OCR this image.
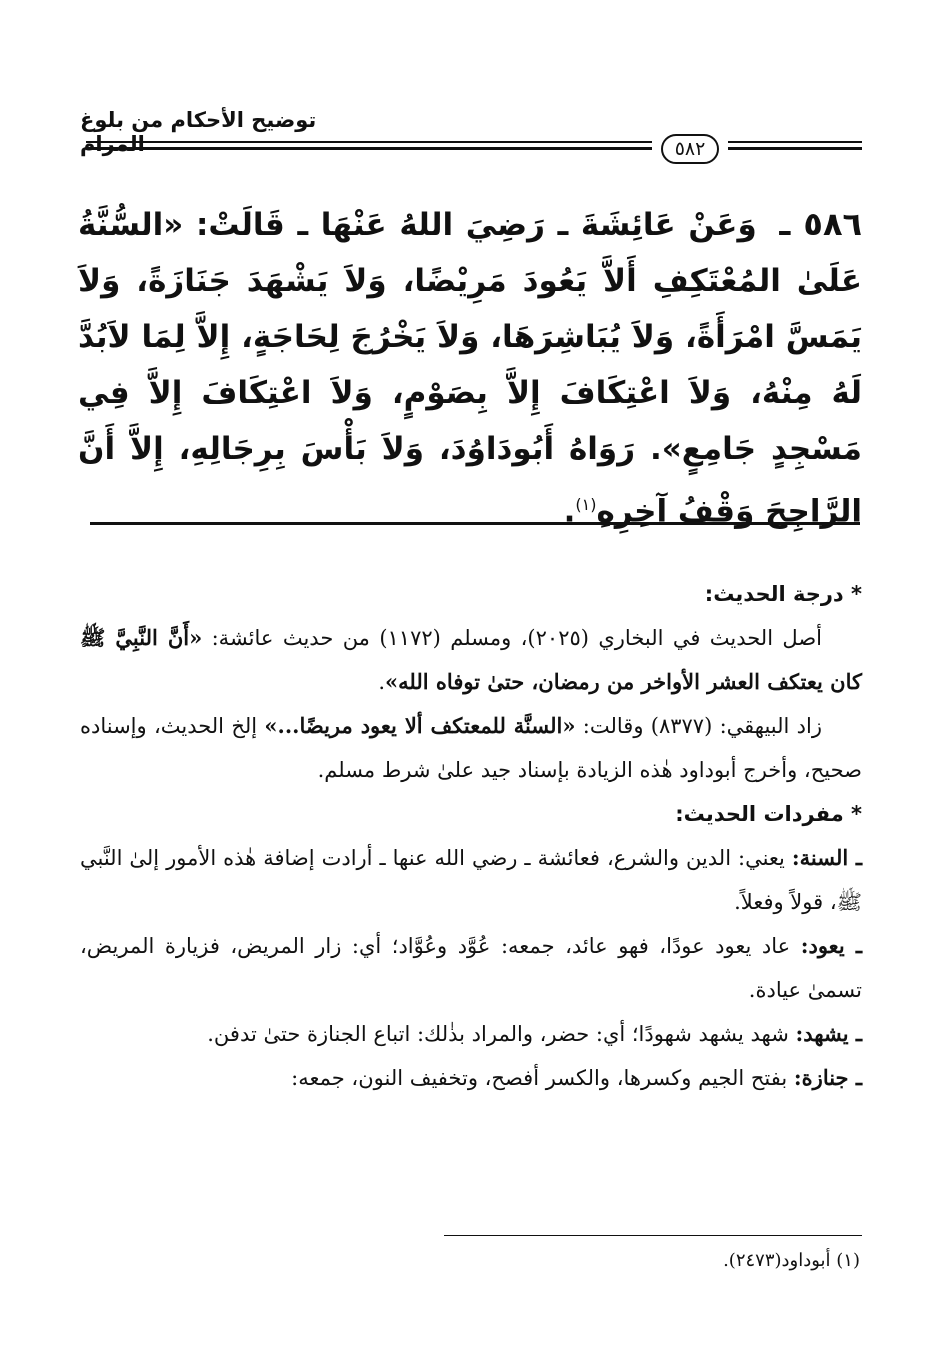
توضيح الأحكام من بلوغ المرام	٥٨٢
٥٨٦ ـ وَعَنْ عَائِشَةَ ـ رَضِيَ اللهُ عَنْهَا ـ قَالَتْ: «السُّنَّةُ عَلَىٰ المُعْتَكِفِ أَلاَّ يَعُودَ مَرِيْضًا، وَلاَ يَشْهَدَ جَنَازَةً، وَلاَ يَمَسَّ امْرَأَةً، وَلاَ يُبَاشِرَهَا، وَلاَ يَخْرُجَ لِحَاجَةٍ، إِلاَّ لِمَا لاَبُدَّ لَهُ مِنْهُ، وَلاَ اعْتِكَافَ إِلاَّ بِصَوْمٍ، وَلاَ اعْتِكَافَ إِلاَّ فِي مَسْجِدٍ جَامِعٍ». رَوَاهُ أَبُودَاوُدَ، وَلاَ بَأْسَ بِرِجَالِهِ، إِلاَّ أَنَّ الرَّاجِحَ وَقْفُ آخِرِهِ$^{(١)}$.

* درجة الحديث:

أصل الحديث في البخاري (٢٠٢٥)، ومسلم (١١٧٢) من حديث عائشة: «أَنَّ النَّبِيَّ ﷺ كان يعتكف العشر الأواخر من رمضان، حتىٰ توفاه الله».

زاد البيهقي: (٨٣٧٧) وقالت: «السنَّة للمعتكف ألا يعود مريضًا...» إلخ الحديث، وإسناده صحيح، وأخرج أبوداود هٰذه الزيادة بإسناد جيد علىٰ شرط مسلم.

* مفردات الحديث:

ـ السنة: يعني: الدين والشرع، فعائشة ـ رضي الله عنها ـ أرادت إضافة هٰذه الأمور إلىٰ النَّبي ﷺ، قولاً وفعلاً.

ـ يعود: عاد يعود عودًا، فهو عائد، جمعه: عُوَّد وعُوَّاد؛ أي: زار المريض، فزيارة المريض، تسمىٰ عيادة.

ـ يشهد: شهد يشهد شهودًا؛ أي: حضر، والمراد بذٰلك: اتباع الجنازة حتىٰ تدفن.

ـ جنازة: بفتح الجيم وكسرها، والكسر أفصح، وتخفيف النون، جمعه:

(١) أبوداود(٢٤٧٣).
